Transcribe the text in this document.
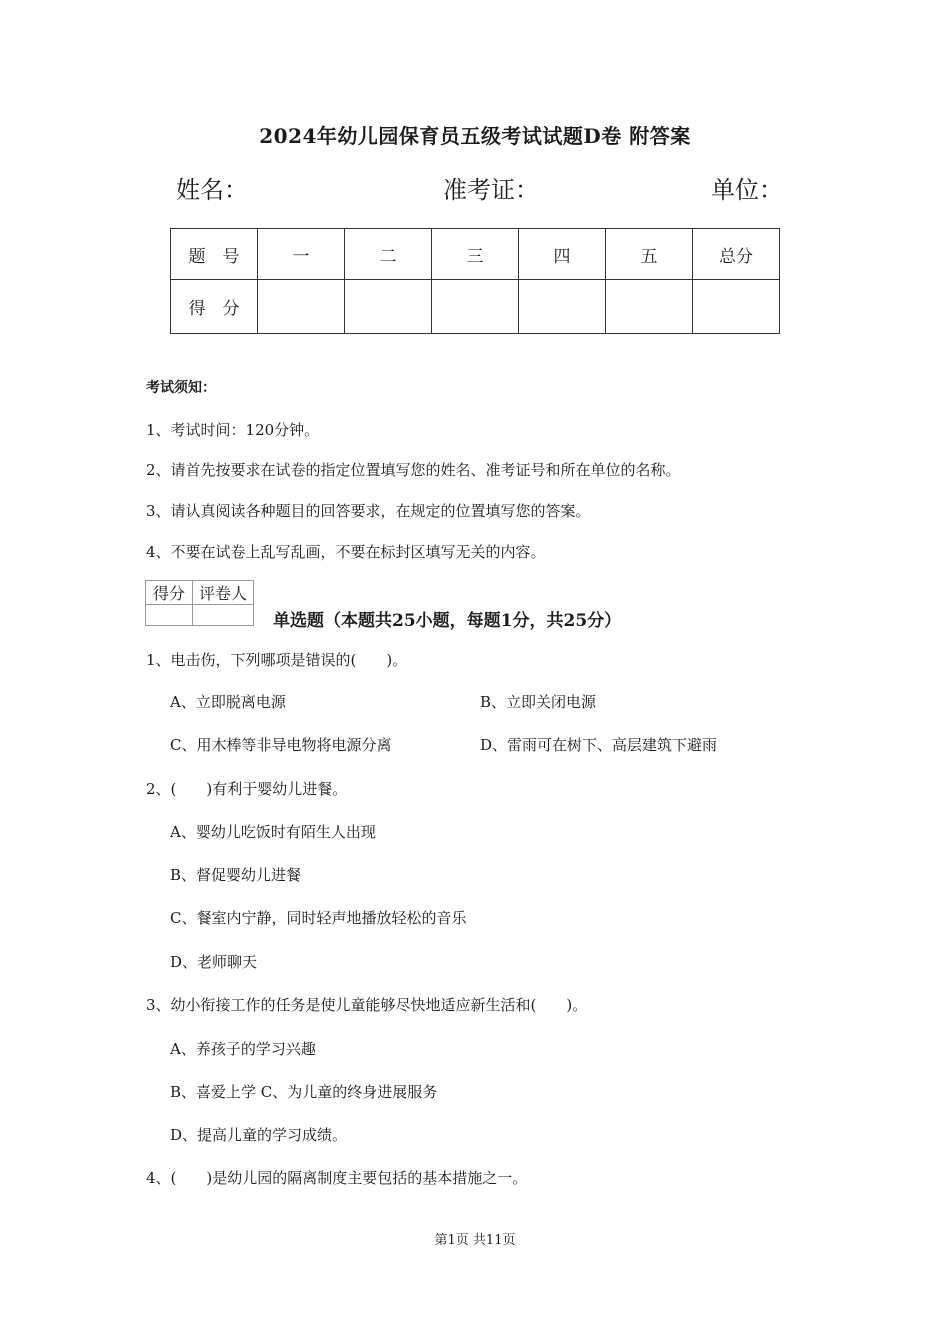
2024年幼儿园保育员五级考试试题D卷 附答案
姓名：	准考证：	单位：
题　号	一	二	三	四	五	总分
得　分						
考试须知：
1、考试时间：120分钟。
2、请首先按要求在试卷的指定位置填写您的姓名、准考证号和所在单位的名称。
3、请认真阅读各种题目的回答要求，在规定的位置填写您的答案。
4、不要在试卷上乱写乱画，不要在标封区填写无关的内容。
得分	评卷人

单选题（本题共25小题，每题1分，共25分）
1、电击伤，下列哪项是错误的(　　)。
A、立即脱离电源	B、立即关闭电源
C、用木棒等非导电物将电源分离	D、雷雨可在树下、高层建筑下避雨
2、(　　)有利于婴幼儿进餐。
A、婴幼儿吃饭时有陌生人出现
B、督促婴幼儿进餐
C、餐室内宁静，同时轻声地播放轻松的音乐
D、老师聊天
3、幼小衔接工作的任务是使儿童能够尽快地适应新生活和(　　)。
A、养孩子的学习兴趣
B、喜爱上学 C、为儿童的终身进展服务
D、提高儿童的学习成绩。
4、(　　)是幼儿园的隔离制度主要包括的基本措施之一。
第1页 共11页
